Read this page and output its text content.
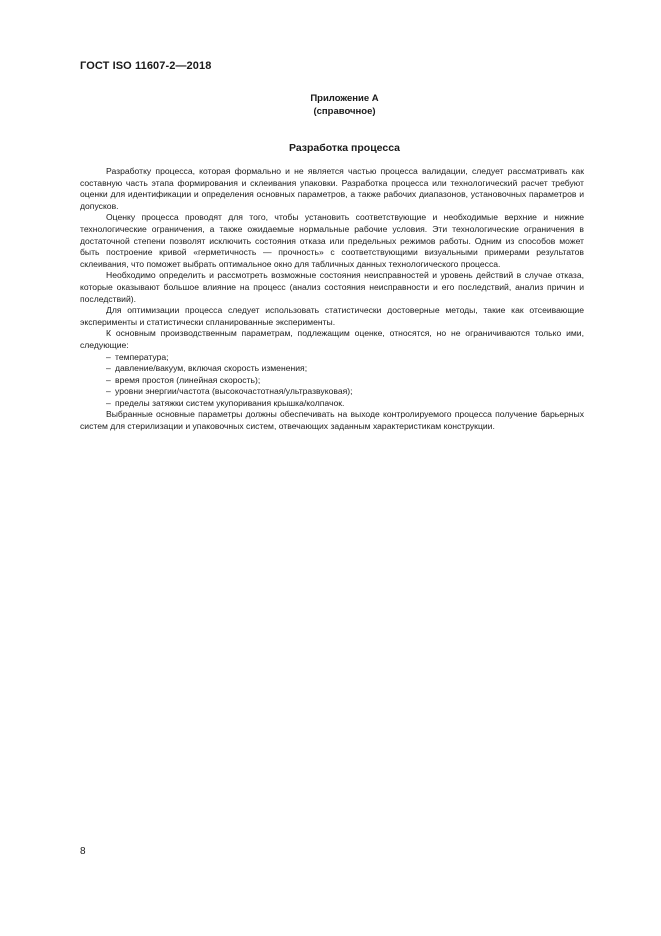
ГОСТ ISO 11607-2—2018
Приложение А
(справочное)
Разработка процесса

Разработку процесса, которая формально и не является частью процесса валидации, следует рассматривать как составную часть этапа формирования и склеивания упаковки. Разработка процесса или технологический расчет требуют оценки для идентификации и определения основных параметров, а также рабочих диапазонов, установочных параметров и допусков.

Оценку процесса проводят для того, чтобы установить соответствующие и необходимые верхние и нижние технологические ограничения, а также ожидаемые нормальные рабочие условия. Эти технологические ограничения в достаточной степени позволят исключить состояния отказа или предельных режимов работы. Одним из способов может быть построение кривой «герметичность — прочность» с соответствующими визуальными примерами результатов склеивания, что поможет выбрать оптимальное окно для табличных данных технологического процесса.

Необходимо определить и рассмотреть возможные состояния неисправностей и уровень действий в случае отказа, которые оказывают большое влияние на процесс (анализ состояния неисправности и его последствий, анализ причин и последствий).

Для оптимизации процесса следует использовать статистически достоверные методы, такие как отсеивающие эксперименты и статистически спланированные эксперименты.

К основным производственным параметрам, подлежащим оценке, относятся, но не ограничиваются только ими, следующие:

– температура;
– давление/вакуум, включая скорость изменения;
– время простоя (линейная скорость);
– уровни энергии/частота (высокочастотная/ультразвуковая);
– пределы затяжки систем укупоривания крышка/колпачок.

Выбранные основные параметры должны обеспечивать на выходе контролируемого процесса получение барьерных систем для стерилизации и упаковочных систем, отвечающих заданным характеристикам конструкции.

8
